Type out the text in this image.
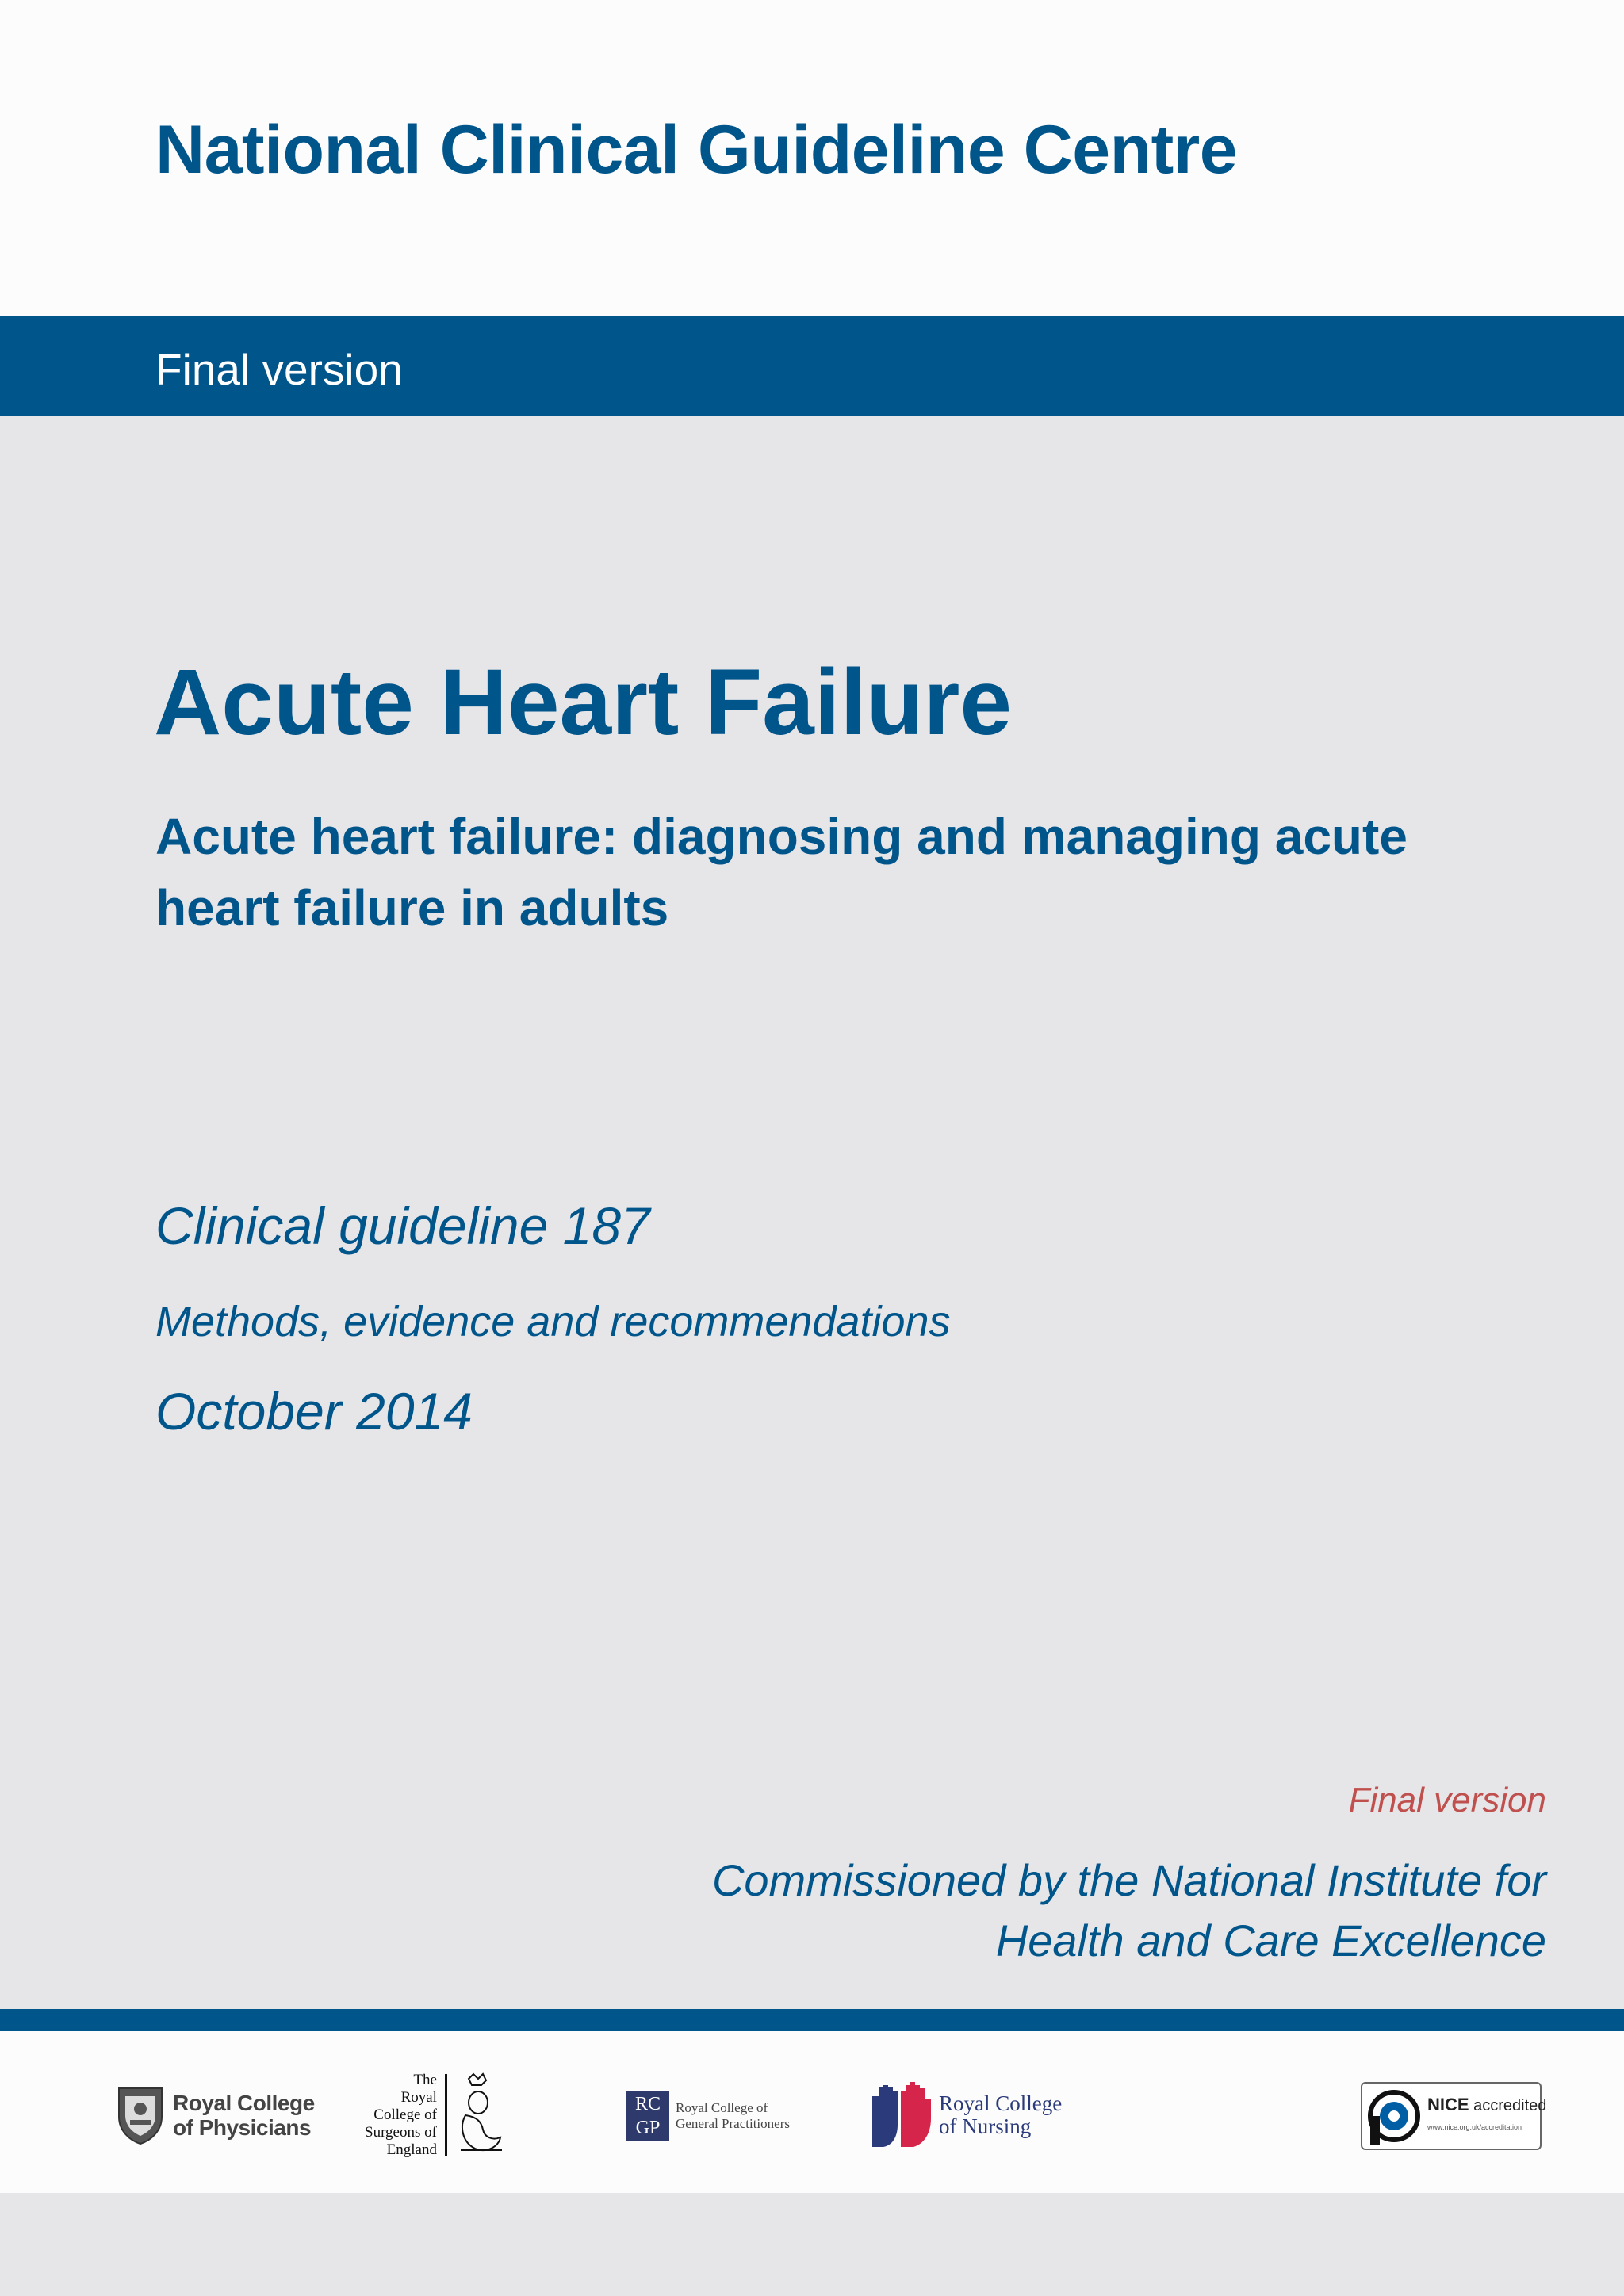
National Clinical Guideline Centre
Final version
Acute Heart Failure

Acute heart failure: diagnosing and managing acute heart failure in adults

Clinical guideline 187
Methods, evidence and recommendations
October 2014
Final version
Commissioned by the National Institute for
Health and Care Excellence
Royal College
of Physicians
The
Royal
College of
Surgeons of
England
RC
GP
Royal College of
General Practitioners
Royal College
of Nursing
NICE accredited
www.nice.org.uk/accreditation
